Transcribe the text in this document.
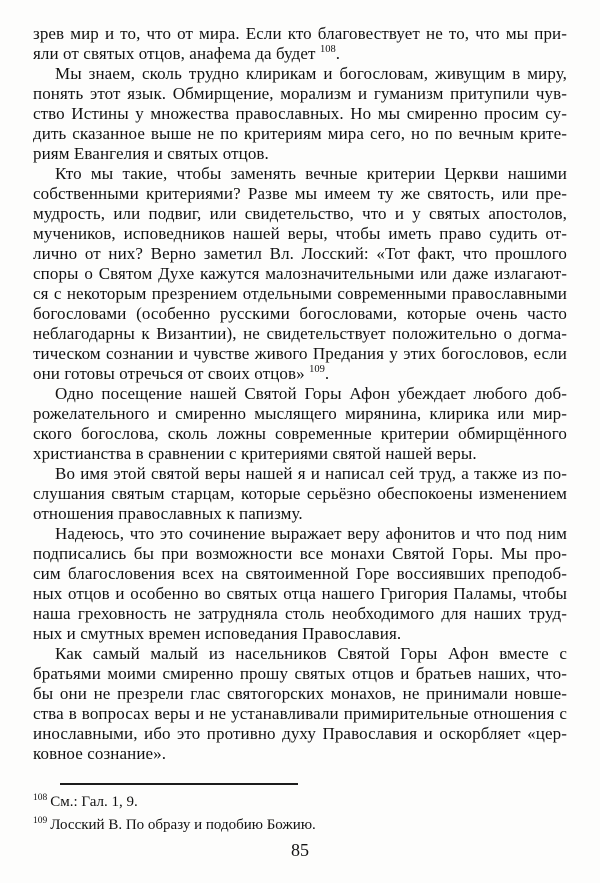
зрев мир и то, что от мира. Если кто благовествует не то, что мы при-
яли от святых отцов, анафема да будет $^{108}$.
Мы знаем, сколь трудно клирикам и богословам, живущим в миру,
понять этот язык. Обмирщение, морализм и гуманизм притупили чув-
ство Истины у множества православных. Но мы смиренно просим су-
дить сказанное выше не по критериям мира сего, но по вечным крите-
риям Евангелия и святых отцов.
Кто мы такие, чтобы заменять вечные критерии Церкви нашими
собственными критериями? Разве мы имеем ту же святость, или пре-
мудрость, или подвиг, или свидетельство, что и у святых апостолов,
мучеников, исповедников нашей веры, чтобы иметь право судить от-
лично от них? Верно заметил Вл. Лосский: «Тот факт, что прошлого
споры о Святом Духе кажутся малозначительными или даже излагают-
ся с некоторым презрением отдельными современными православными
богословами (особенно русскими богословами, которые очень часто
неблагодарны к Византии), не свидетельствует положительно о догма-
тическом сознании и чувстве живого Предания у этих богословов, если
они готовы отречься от своих отцов» $^{109}$.
Одно посещение нашей Святой Горы Афон убеждает любого доб-
рожелательного и смиренно мыслящего мирянина, клирика или мир-
ского богослова, сколь ложны современные критерии обмирщённого
христианства в сравнении с критериями святой нашей веры.
Во имя этой святой веры нашей я и написал сей труд, а также из по-
слушания святым старцам, которые серьёзно обеспокоены изменением
отношения православных к папизму.
Надеюсь, что это сочинение выражает веру афонитов и что под ним
подписались бы при возможности все монахи Святой Горы. Мы про-
сим благословения всех на святоименной Горе воссиявших преподоб-
ных отцов и особенно во святых отца нашего Григория Паламы, чтобы
наша греховность не затрудняла столь необходимого для наших труд-
ных и смутных времен исповедания Православия.
Как самый малый из насельников Святой Горы Афон вместе с
братьями моими смиренно прошу святых отцов и братьев наших, что-
бы они не презрели глас святогорских монахов, не принимали новше-
ства в вопросах веры и не устанавливали примирительные отношения с
инославными, ибо это противно духу Православия и оскорбляет «цер-
ковное сознание».
$^{108}$ См.: Гал. 1, 9.
$^{109}$ Лосский В. По образу и подобию Божию.
85
